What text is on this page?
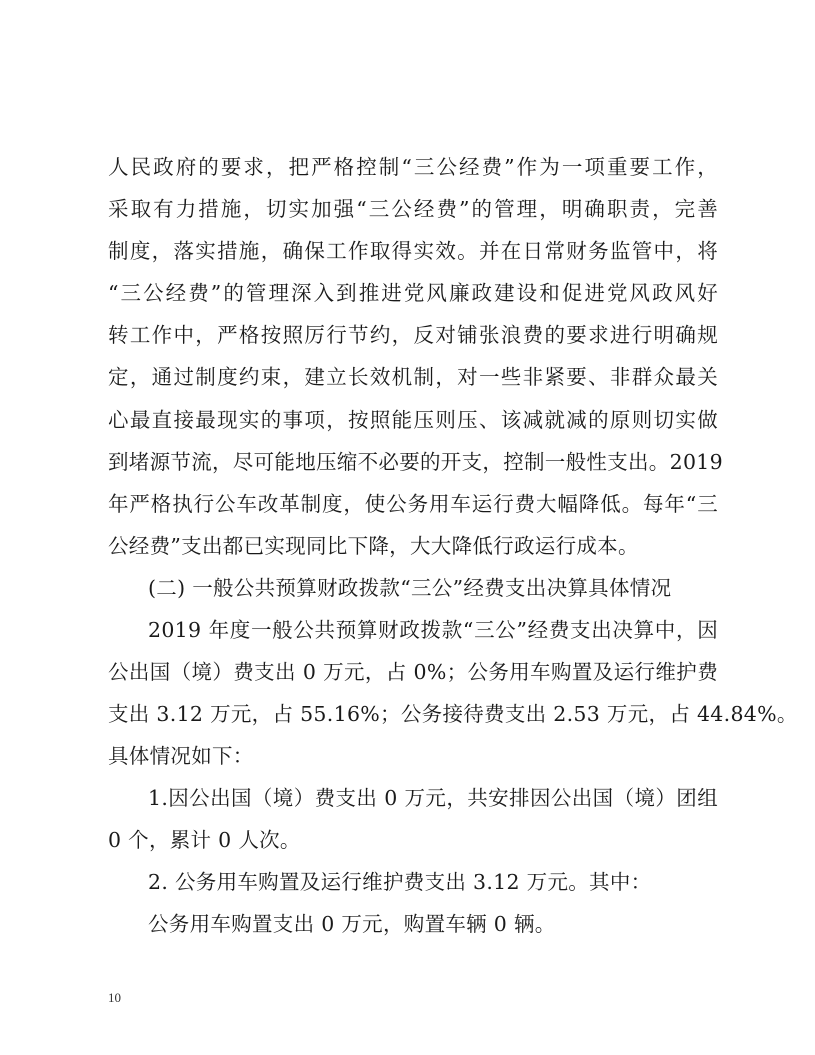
人民政府的要求，把严格控制“三公经费”作为一项重要工作，
采取有力措施，切实加强“三公经费”的管理，明确职责，完善
制度，落实措施，确保工作取得实效。并在日常财务监管中，将
“三公经费”的管理深入到推进党风廉政建设和促进党风政风好
转工作中，严格按照厉行节约，反对铺张浪费的要求进行明确规
定，通过制度约束，建立长效机制，对一些非紧要、非群众最关
心最直接最现实的事项，按照能压则压、该减就减的原则切实做
到堵源节流，尽可能地压缩不必要的开支，控制一般性支出。2019
年严格执行公车改革制度，使公务用车运行费大幅降低。每年“三
公经费”支出都已实现同比下降，大大降低行政运行成本。
(二) 一般公共预算财政拨款“三公”经费支出决算具体情况
2019 年度一般公共预算财政拨款“三公”经费支出决算中，因
公出国（境）费支出 0 万元，占 0%；公务用车购置及运行维护费
支出 3.12 万元，占 55.16%；公务接待费支出 2.53 万元，占 44.84%。
具体情况如下：
1.因公出国（境）费支出 0 万元，共安排因公出国（境）团组
0 个，累计 0 人次。
2. 公务用车购置及运行维护费支出 3.12 万元。其中：
公务用车购置支出 0 万元，购置车辆 0 辆。
10
